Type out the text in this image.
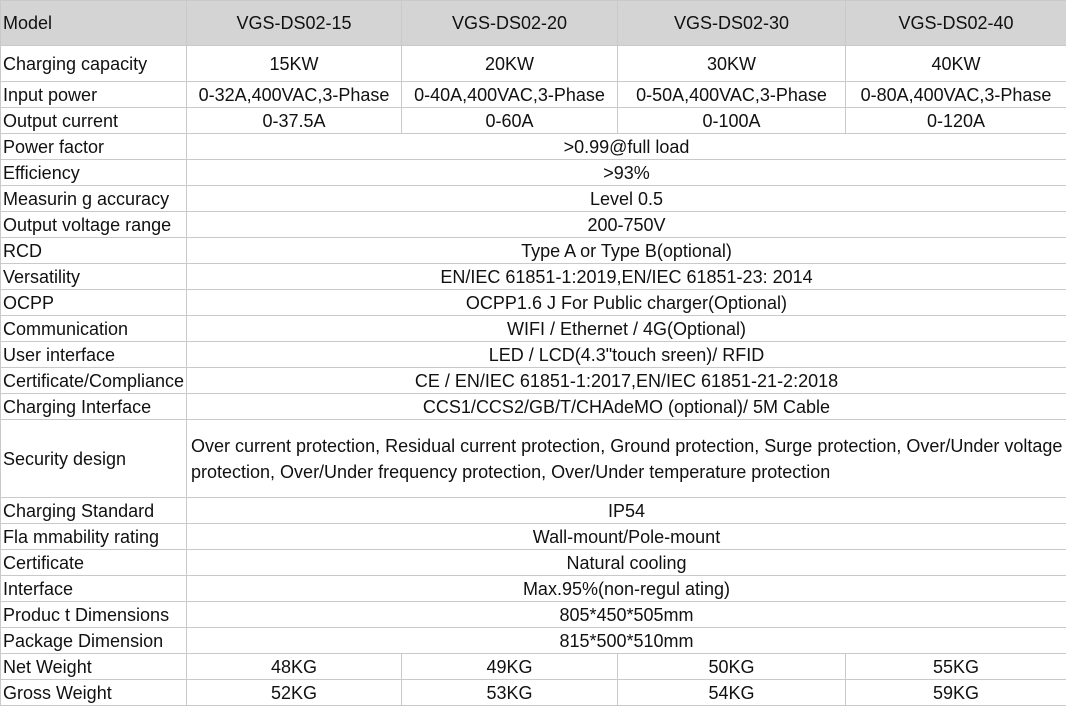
Model	VGS-DS02-15	VGS-DS02-20	VGS-DS02-30	VGS-DS02-40
Charging capacity	15KW	20KW	30KW	40KW
Input power	0-32A,400VAC,3-Phase	0-40A,400VAC,3-Phase	0-50A,400VAC,3-Phase	0-80A,400VAC,3-Phase
Output current	0-37.5A	0-60A	0-100A	0-120A
Power factor	>0.99@full load			
Efficiency	>93%			
Measurin g accuracy	Level 0.5			
Output voltage range	200-750V			
RCD	Type A or Type B(optional)			
Versatility	EN/IEC 61851-1:2019,EN/IEC 61851-23: 2014			
OCPP	OCPP1.6 J For Public charger(Optional)			
Communication	WIFI / Ethernet / 4G(Optional)			
User interface	LED / LCD(4.3"touch sreen)/ RFID			
Certificate/Compliance	CE / EN/IEC 61851-1:2017,EN/IEC 61851-21-2:2018			
Charging Interface	CCS1/CCS2/GB/T/CHAdeMO (optional)/ 5M Cable			
Security design	Over current protection, Residual current protection, Ground protection, Surge protection, Over/Under voltage protection, Over/Under frequency protection, Over/Under temperature protection			
Charging Standard	IP54			
Fla mmability rating	Wall-mount/Pole-mount			
Certificate	Natural cooling			
Interface	Max.95%(non-regul ating)			
Produc t Dimensions	805*450*505mm			
Package Dimension	815*500*510mm			
Net Weight	48KG	49KG	50KG	55KG
Gross Weight	52KG	53KG	54KG	59KG
